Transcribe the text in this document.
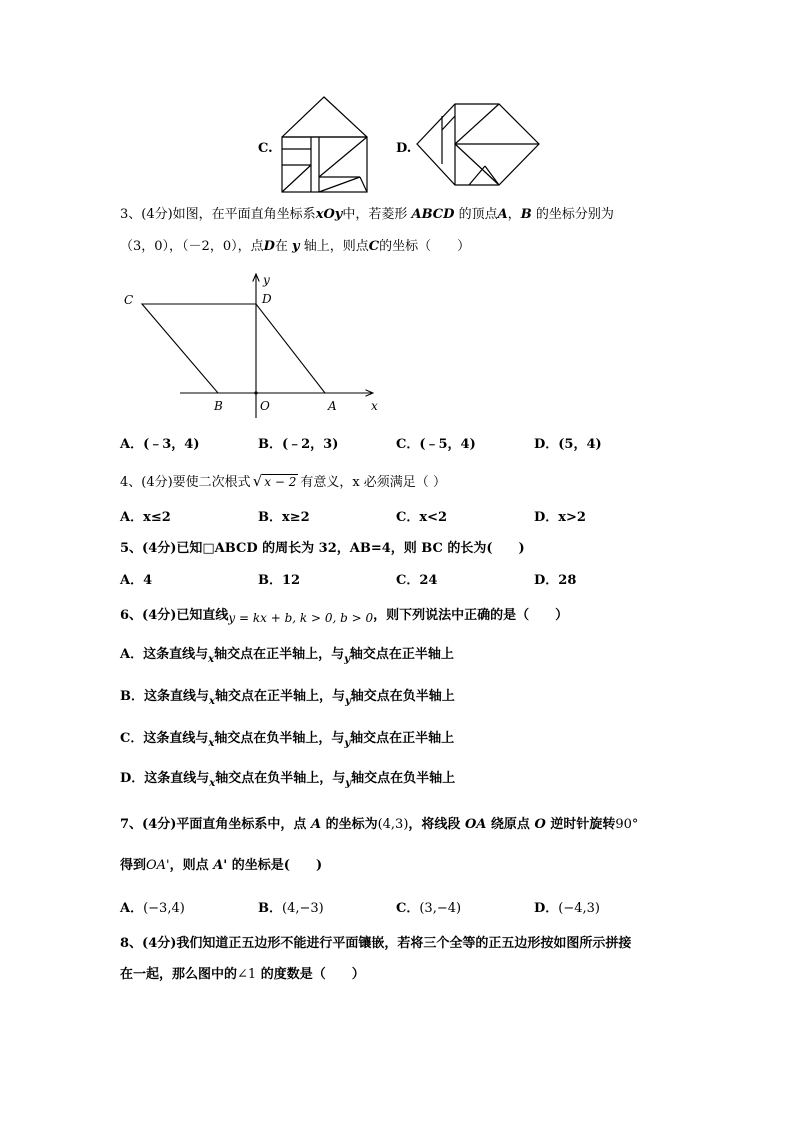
C.	D.
3、(4分)如图，在平面直角坐标系xOy中，若菱形 ABCD 的顶点A，B 的坐标分别为
（3，0），（－2，0），点D在 y 轴上，则点C的坐标（　　）
C	D
B	O	A	x
y
A．(﹣3，4)	B．(﹣2，3)	C．(﹣5，4)	D．(5，4)
4、(4分)要使二次根式 √ x − 2 有意义，x 必须满足（ ）
A．x≤2	B．x≥2	C．x<2	D．x>2
5、(4分)已知□ABCD 的周长为 32，AB=4，则 BC 的长为(　　)
A．4	B．12	C．24	D．28
6、(4分)已知直线y = kx + b, k > 0, b > 0，则下列说法中正确的是（　　）
A．这条直线与$_x$轴交点在正半轴上，与$_y$轴交点在正半轴上
B．这条直线与$_x$轴交点在正半轴上，与$_y$轴交点在负半轴上
C．这条直线与$_x$轴交点在负半轴上，与$_y$轴交点在正半轴上
D．这条直线与$_x$轴交点在负半轴上，与$_y$轴交点在负半轴上
7、(4分)平面直角坐标系中，点 A 的坐标为(4,3)，将线段 OA 绕原点 O 逆时针旋转90°
得到OA'，则点 A' 的坐标是(　　)
A．(−3,4)	B．(4,−3)	C．(3,−4)	D．(−4,3)
8、(4分)我们知道正五边形不能进行平面镶嵌，若将三个全等的正五边形按如图所示拼接
在一起，那么图中的∠1 的度数是（　　）
